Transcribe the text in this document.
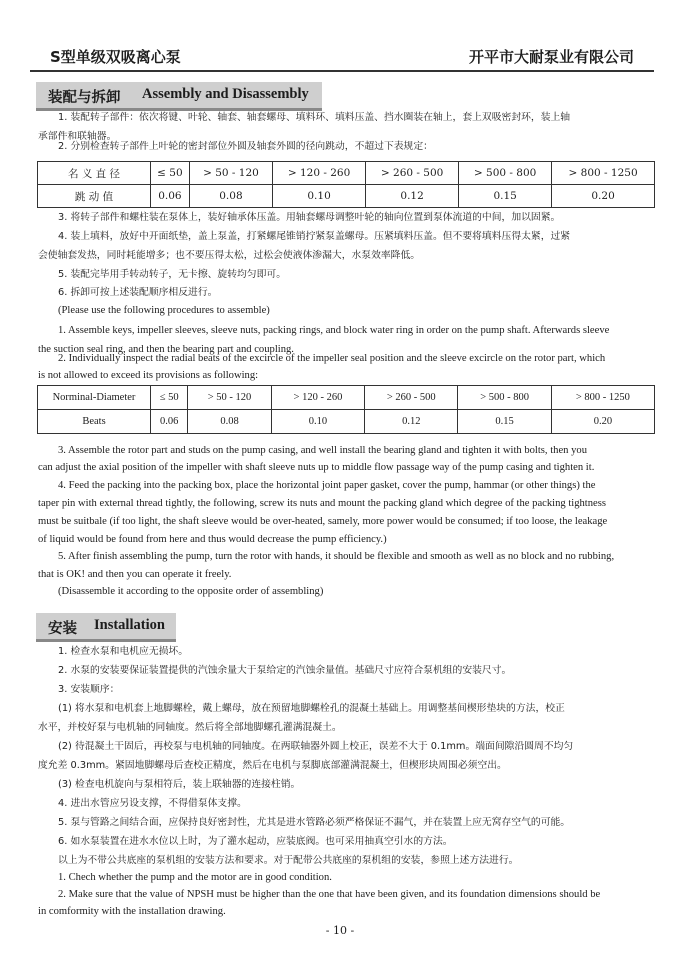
S型单级双吸离心泵	开平市大耐泵业有限公司
装配与拆卸 Assembly and Disassembly
1. 装配转子部件：依次将键、叶轮、轴套、轴套螺母、填料环、填料压盖、挡水圈装在轴上，套上双吸密封环，装上轴
承部件和联轴器。
2. 分别检查转子部件上叶轮的密封部位外圆及轴套外圆的径向跳动，不超过下表规定：
名 义 直 径	≤ 50	> 50 - 120	> 120 - 260	> 260 - 500	> 500 - 800	> 800 - 1250
跳 动 值	0.06	0.08	0.10	0.12	0.15	0.20
3. 将转子部件和螺柱装在泵体上，装好轴承体压盖。用轴套螺母调整叶轮的轴向位置到泵体流道的中间，加以固紧。
4. 装上填料，放好中开面纸垫，盖上泵盖，打紧螺尾锥销拧紧泵盖螺母。压紧填料压盖。但不要将填料压得太紧，过紧
会使轴套发热，同时耗能增多；也不要压得太松，过松会使液体渗漏大，水泵效率降低。
5. 装配完毕用手转动转子，无卡擦、旋转均匀即可。
6. 拆卸可按上述装配顺序相反进行。
(Please use the following procedures to assemble)
1. Assemble keys, impeller sleeves, sleeve nuts, packing rings, and block water ring in order on the pump shaft. Afterwards sleeve
the suction seal ring, and then the bearing part and coupling.
2. Individually inspect the radial beats of the excircle of the impeller seal position and the sleeve excircle on the rotor part, which
is not allowed to exceed its provisions as following:
Norminal-Diameter	≤ 50	> 50 - 120	> 120 - 260	> 260 - 500	> 500 - 800	> 800 - 1250
Beats	0.06	0.08	0.10	0.12	0.15	0.20
3. Assemble the rotor part and studs on the pump casing, and well install the bearing gland and tighten it with bolts, then you
can adjust the axial position of the impeller with shaft sleeve nuts up to middle flow passage way of the pump casing and tighten it.
4. Feed the packing into the packing box, place the horizontal joint paper gasket, cover the pump, hammar (or other things) the
taper pin with external thread tightly, the following, screw its nuts and mount the packing gland which degree of the packing tightness
must be suitbale (if too light, the shaft sleeve would be over-heated, samely, more power would be consumed; if too loose, the leakage
of liquid would be found from here and thus would decrease the pump efficiency.)
5. After finish assembling the pump, turn the rotor with hands, it should be flexible and smooth as well as no block and no rubbing,
that is OK! and then you can operate it freely.
(Disassemble it according to the opposite order of assembling)
安装 Installation
1. 检查水泵和电机应无损坏。
2. 水泵的安装要保证装置提供的汽蚀余量大于泵给定的汽蚀余量值。基础尺寸应符合泵机组的安装尺寸。
3. 安装顺序：
(1) 将水泵和电机套上地脚螺栓，戴上螺母，放在预留地脚螺栓孔的混凝土基础上。用调整基间楔形垫块的方法，校正
水平，并校好泵与电机轴的同轴度。然后将全部地脚螺孔灌满混凝土。
(2) 待混凝土干固后，再校泵与电机轴的同轴度。在两联轴器外圆上校正，误差不大于 0.1mm。端面间隙沿圆周不均匀
度允差 0.3mm。紧固地脚螺母后查校正精度，然后在电机与泵脚底部灌满混凝土，但楔形块周围必须空出。
(3) 检查电机旋向与泵相符后，装上联轴器的连接柱销。
4. 进出水管应另设支撑，不得借泵体支撑。
5. 泵与管路之间结合面，应保持良好密封性，尤其是进水管路必须严格保证不漏气，并在装置上应无窝存空气的可能。
6. 如水泵装置在进水水位以上时，为了灌水起动，应装底阀。也可采用抽真空引水的方法。
以上为不带公共底座的泵机组的安装方法和要求。对于配带公共底座的泵机组的安装，参照上述方法进行。
1. Chech whether the pump and the motor are in good condition.
2. Make sure that the value of NPSH must be higher than the one that have been given, and its foundation dimensions should be
in comformity with the installation drawing.
- 10 -
